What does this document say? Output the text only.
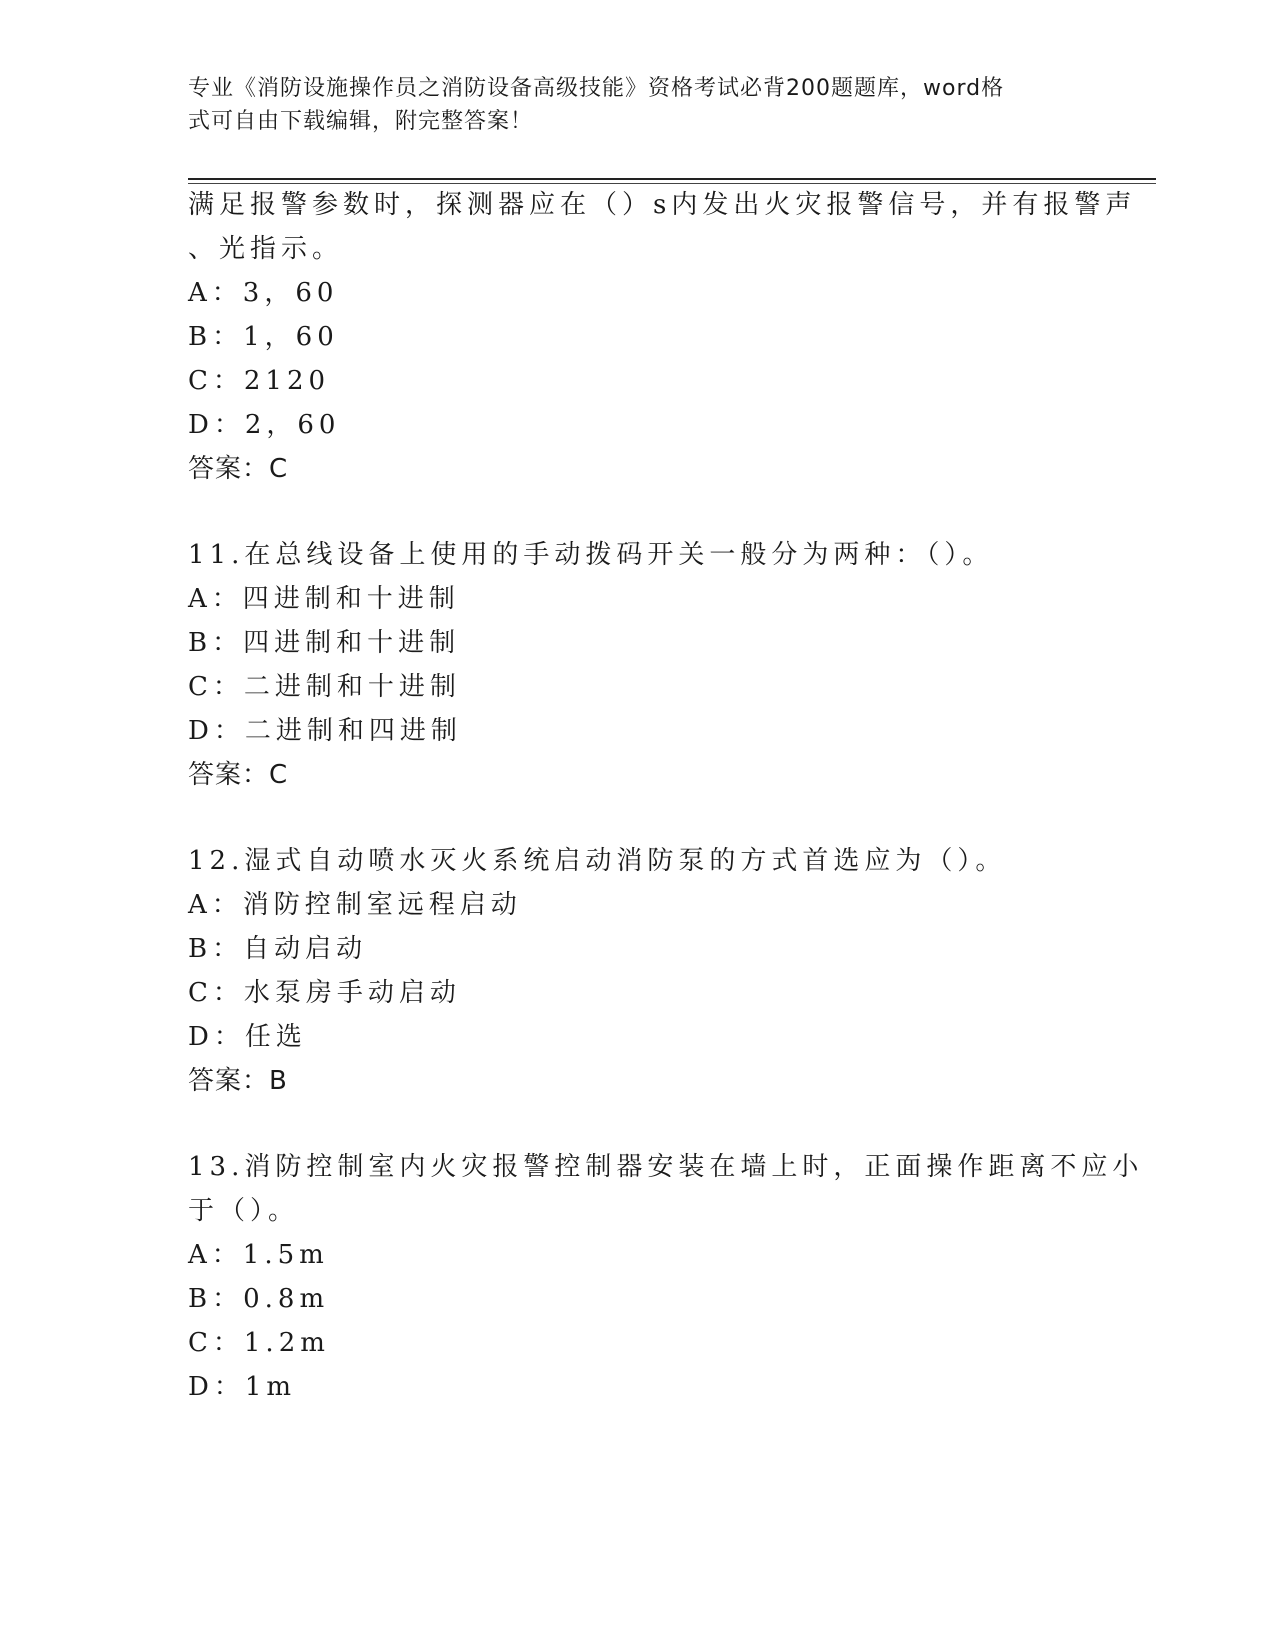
专业《消防设施操作员之消防设备高级技能》资格考试必背200题题库，word格
式可自由下载编辑，附完整答案！
满足报警参数时，探测器应在（）s内发出火灾报警信号，并有报警声
、光指示。
A：3，60
B：1，60
C：2120
D：2，60
答案：C
11.在总线设备上使用的手动拨码开关一般分为两种：（）。
A：四进制和十进制
B：四进制和十进制
C：二进制和十进制
D：二进制和四进制
答案：C
12.湿式自动喷水灭火系统启动消防泵的方式首选应为（）。
A：消防控制室远程启动
B：自动启动
C：水泵房手动启动
D：任选
答案：B
13.消防控制室内火灾报警控制器安装在墙上时，正面操作距离不应小
于（）。
A：1.5m
B：0.8m
C：1.2m
D：1m
